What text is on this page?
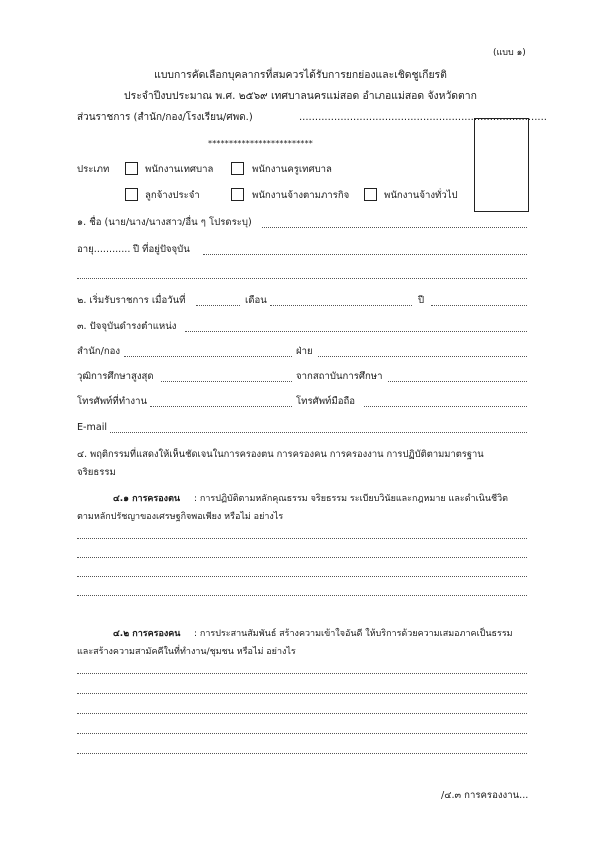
(แบบ ๑)
แบบการคัดเลือกบุคลากรที่สมควรได้รับการยกย่องและเชิดชูเกียรติ
ประจำปีงบประมาณ พ.ศ. ๒๕๖๙ เทศบาลนครแม่สอด อำเภอแม่สอด จังหวัดตาก
ส่วนราชการ (สำนัก/กอง/โรงเรียน/ศพด.)	..............................................................................
*************************
ประเภท	พนักงานเทศบาล	พนักงานครูเทศบาล
ลูกจ้างประจำ	พนักงานจ้างตามภารกิจ	พนักงานจ้างทั่วไป
๑. ชื่อ (นาย/นาง/นางสาว/อื่น ๆ โปรดระบุ)
อายุ............ ปี ที่อยู่ปัจจุบัน
๒. เริ่มรับราชการ เมื่อวันที่	เดือน	ปี
๓. ปัจจุบันดำรงตำแหน่ง
สำนัก/กอง	ฝ่าย
วุฒิการศึกษาสูงสุด	จากสถาบันการศึกษา
โทรศัพท์ที่ทำงาน	โทรศัพท์มือถือ
E-mail
๔. พฤติกรรมที่แสดงให้เห็นชัดเจนในการครองตน การครองคน การครองงาน การปฏิบัติตามมาตรฐาน
จริยธรรม
๔.๑ การครองตน : การปฏิบัติตามหลักคุณธรรม จริยธรรม ระเบียบวินัยและกฎหมาย และดำเนินชีวิต
ตามหลักปรัชญาของเศรษฐกิจพอเพียง หรือไม่ อย่างไร
๔.๒ การครองคน : การประสานสัมพันธ์ สร้างความเข้าใจอันดี ให้บริการด้วยความเสมอภาคเป็นธรรม
และสร้างความสามัคคีในที่ทำงาน/ชุมชน หรือไม่ อย่างไร
/๔.๓ การครองงาน...
